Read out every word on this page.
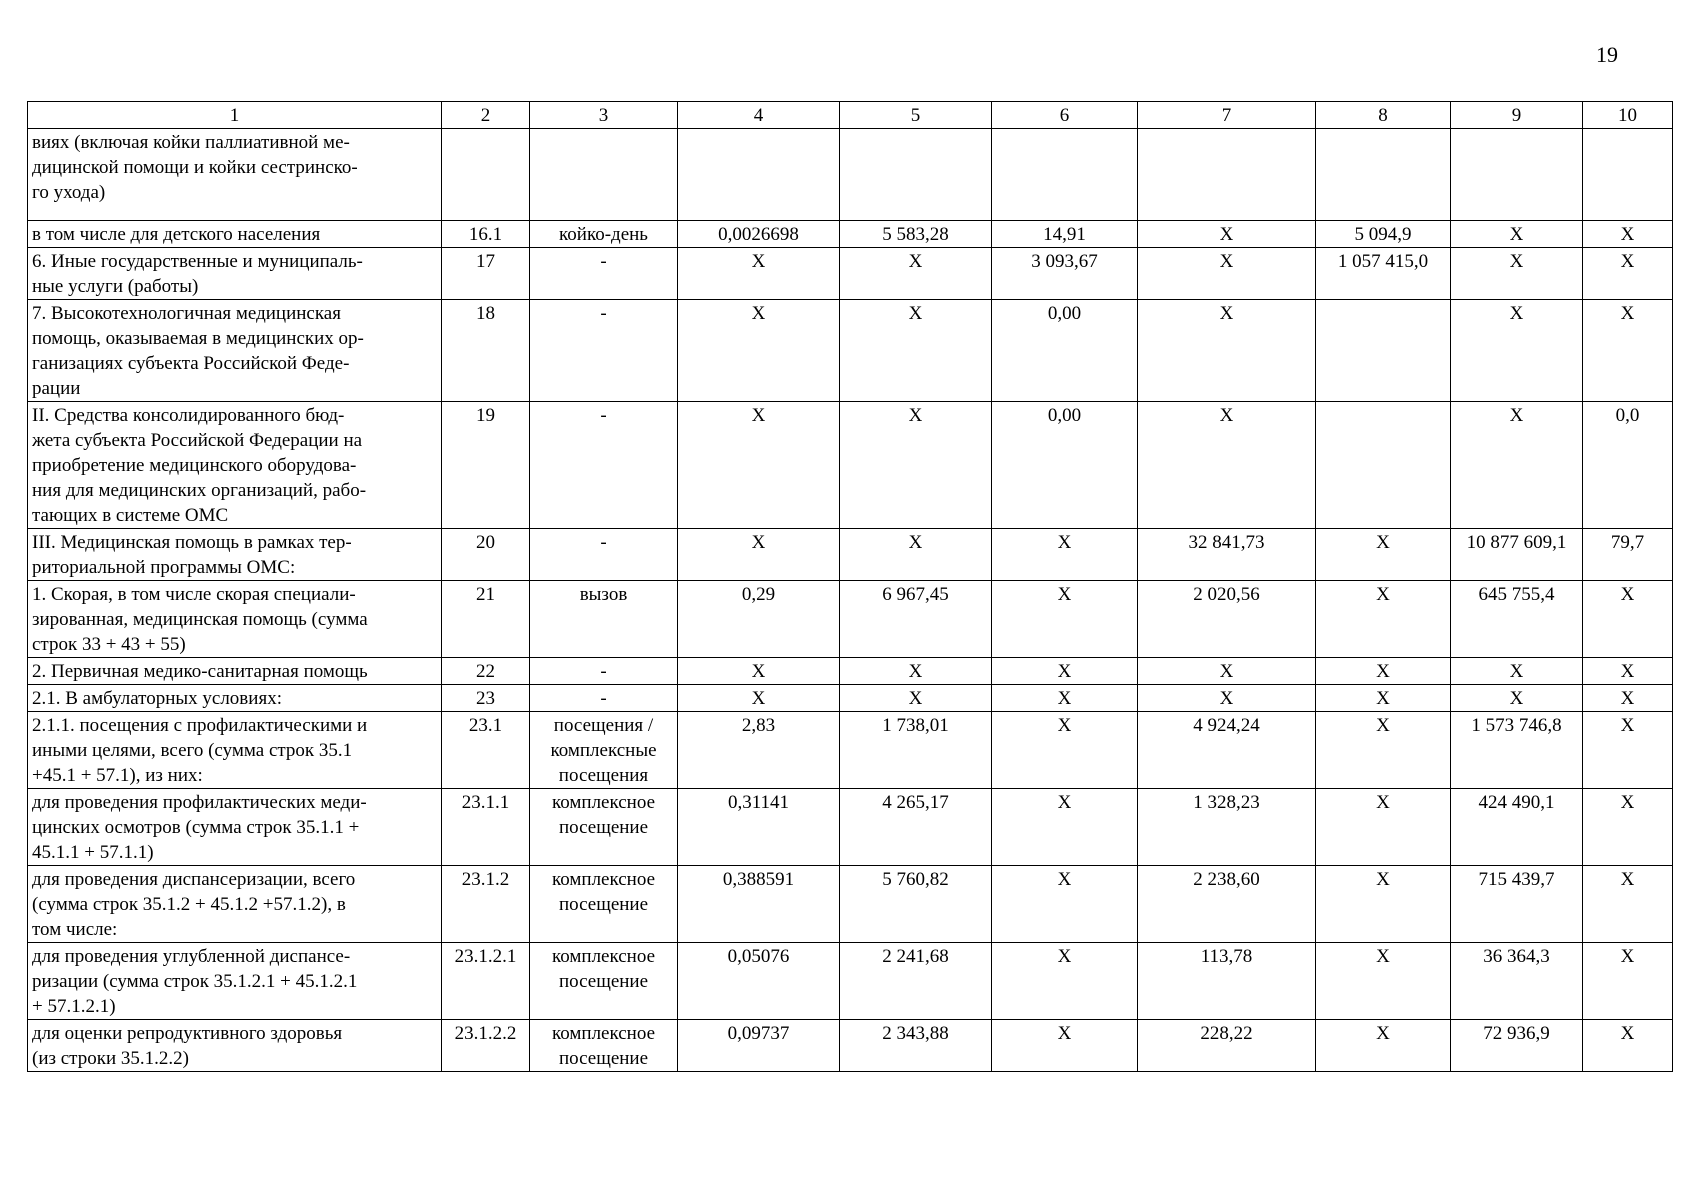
19
1	2	3	4	5	6	7	8	9	10
виях (включая койки паллиативной ме-
дицинской помощи и койки сестринско-
го ухода)									
в том числе для детского населения	16.1	койко-день	0,0026698	5 583,28	14,91	X	5 094,9	X	X
6. Иные государственные и муниципаль-
ные услуги (работы)	17	-	X	X	3 093,67	X	1 057 415,0	X	X
7. Высокотехнологичная медицинская
помощь, оказываемая в медицинских ор-
ганизациях субъекта Российской Феде-
рации	18	-	X	X	0,00	X		X	X
II. Средства консолидированного бюд-
жета субъекта Российской Федерации на
приобретение медицинского оборудова-
ния для медицинских организаций, рабо-
тающих в системе ОМС	19	-	X	X	0,00	X		X	0,0
III. Медицинская помощь в рамках тер-
риториальной программы ОМС:	20	-	X	X	X	32 841,73	X	10 877 609,1	79,7
1. Скорая, в том числе скорая специали-
зированная, медицинская помощь (сумма
строк 33 + 43 + 55)	21	вызов	0,29	6 967,45	X	2 020,56	X	645 755,4	X
2. Первичная медико-санитарная помощь	22	-	X	X	X	X	X	X	X
2.1. В амбулаторных условиях:	23	-	X	X	X	X	X	X	X
2.1.1. посещения с профилактическими и
иными целями, всего (сумма строк 35.1
+45.1 + 57.1), из них:	23.1	посещения /
комплексные
посещения	2,83	1 738,01	X	4 924,24	X	1 573 746,8	X
для проведения профилактических меди-
цинских осмотров (сумма строк 35.1.1 +
45.1.1 + 57.1.1)	23.1.1	комплексное
посещение	0,31141	4 265,17	X	1 328,23	X	424 490,1	X
для проведения диспансеризации, всего
(сумма строк 35.1.2 + 45.1.2 +57.1.2), в
том числе:	23.1.2	комплексное
посещение	0,388591	5 760,82	X	2 238,60	X	715 439,7	X
для проведения углубленной диспансе-
ризации (сумма строк 35.1.2.1 + 45.1.2.1
+ 57.1.2.1)	23.1.2.1	комплексное
посещение	0,05076	2 241,68	X	113,78	X	36 364,3	X
для оценки репродуктивного здоровья
(из строки 35.1.2.2)	23.1.2.2	комплексное
посещение	0,09737	2 343,88	X	228,22	X	72 936,9	X
